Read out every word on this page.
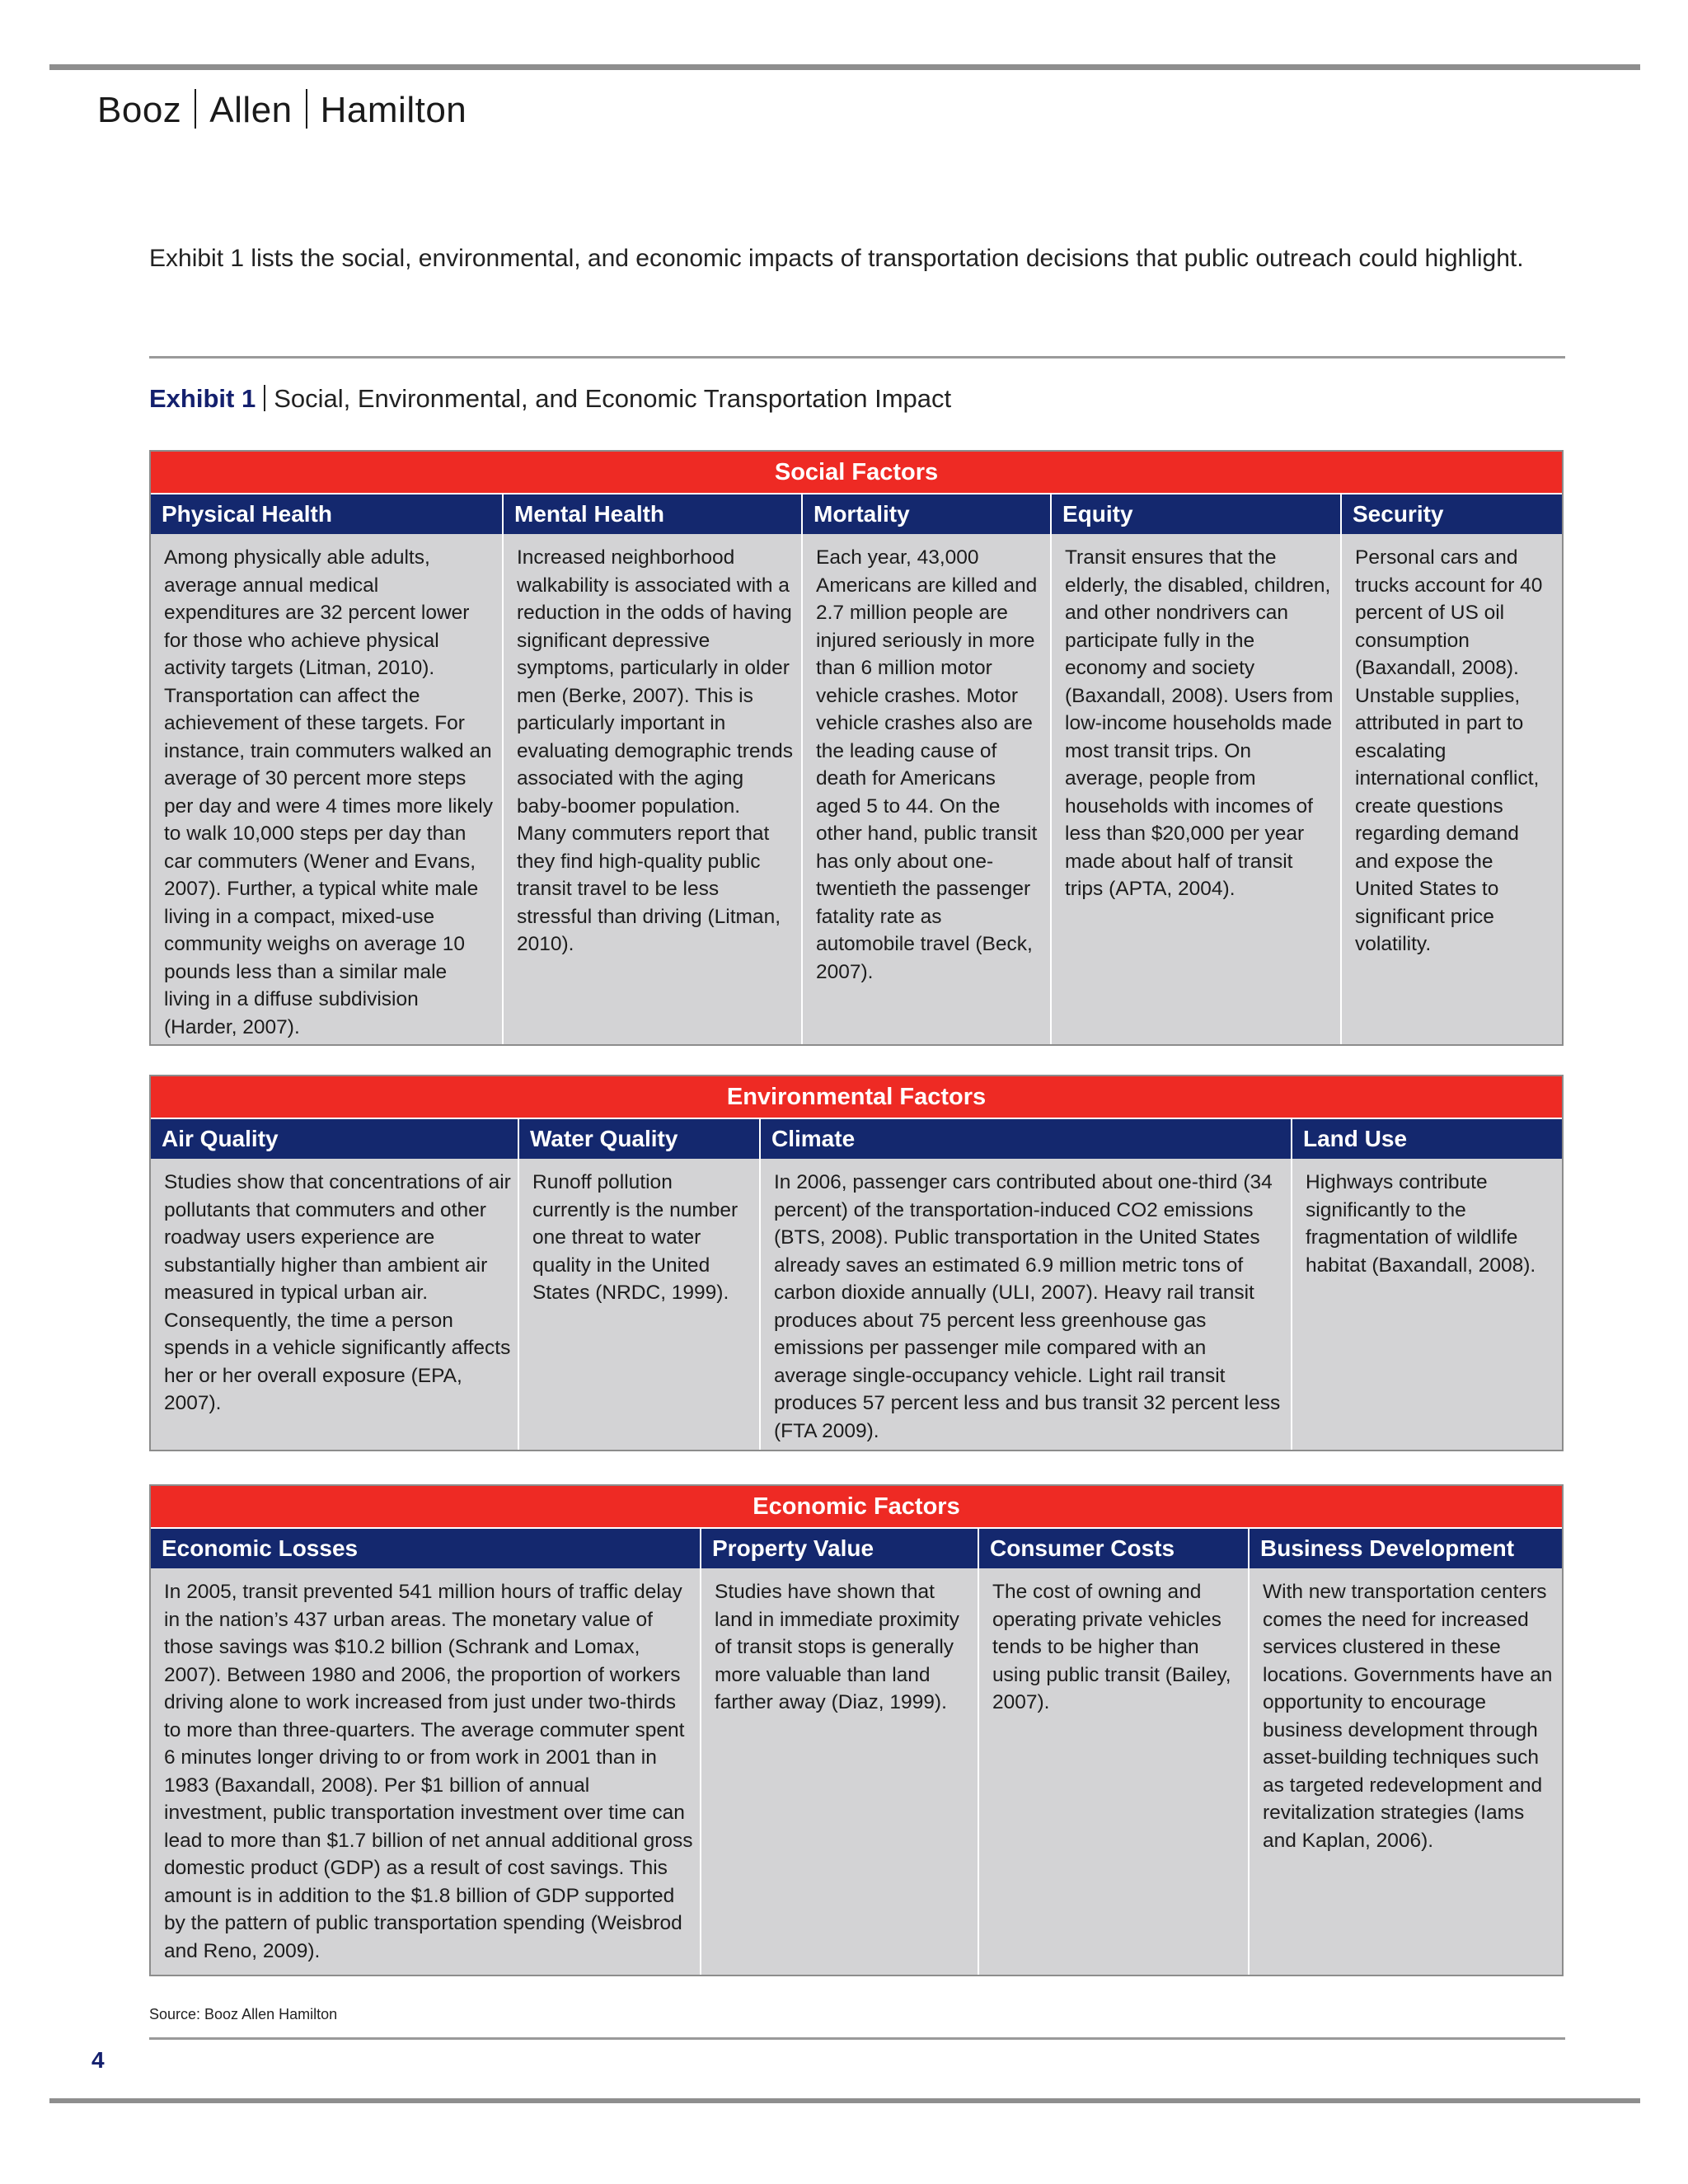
Booz Allen Hamilton
Exhibit 1 lists the social, environmental, and economic impacts of transportation decisions that public outreach could highlight.
Exhibit 1 Social, Environmental, and Economic Transportation Impact
Social Factors
Physical Health
Among physically able adults, average annual medical expenditures are 32 percent lower for those who achieve physical activity targets (Litman, 2010). Transportation can affect the achievement of these targets. For instance, train commuters walked an average of 30 percent more steps per day and were 4 times more likely to walk 10,000 steps per day than car commuters (Wener and Evans, 2007). Further, a typical white male living in a compact, mixed-use community weighs on average 10 pounds less than a similar male living in a diffuse subdivision (Harder, 2007).
Mental Health
Increased neighborhood walkability is associated with a reduction in the odds of having significant depressive symptoms, particularly in older men (Berke, 2007). This is particularly important in evaluating demographic trends associated with the aging baby-boomer population. Many commuters report that they find high-quality public transit travel to be less stressful than driving (Litman, 2010).
Mortality
Each year, 43,000 Americans are killed and 2.7 million people are injured seriously in more than 6 million motor vehicle crashes. Motor vehicle crashes also are the leading cause of death for Americans aged 5 to 44. On the other hand, public transit has only about one-twentieth the passenger fatality rate as automobile travel (Beck, 2007).
Equity
Transit ensures that the elderly, the disabled, children, and other nondrivers can participate fully in the economy and society (Baxandall, 2008). Users from low-income households made most transit trips. On average, people from households with incomes of less than $20,000 per year made about half of transit trips (APTA, 2004).
Security
Personal cars and trucks account for 40 percent of US oil consumption (Baxandall, 2008). Unstable supplies, attributed in part to escalating international conflict, create questions regarding demand and expose the United States to significant price volatility.
Environmental Factors
Air Quality
Studies show that concentrations of air pollutants that commuters and other roadway users experience are substantially higher than ambient air measured in typical urban air. Consequently, the time a person spends in a vehicle significantly affects her or her overall exposure (EPA, 2007).
Water Quality
Runoff pollution currently is the number one threat to water quality in the United States (NRDC, 1999).
Climate
In 2006, passenger cars contributed about one-third (34 percent) of the transportation-induced CO2 emissions (BTS, 2008). Public transportation in the United States already saves an estimated 6.9 million metric tons of carbon dioxide annually (ULI, 2007). Heavy rail transit produces about 75 percent less greenhouse gas emissions per passenger mile compared with an average single-occupancy vehicle. Light rail transit produces 57 percent less and bus transit 32 percent less (FTA 2009).
Land Use
Highways contribute significantly to the fragmentation of wildlife habitat (Baxandall, 2008).
Economic Factors
Economic Losses
In 2005, transit prevented 541 million hours of traffic delay in the nation’s 437 urban areas. The monetary value of those savings was $10.2 billion (Schrank and Lomax, 2007). Between 1980 and 2006, the proportion of workers driving alone to work increased from just under two-thirds to more than three-quarters. The average commuter spent 6 minutes longer driving to or from work in 2001 than in 1983 (Baxandall, 2008). Per $1 billion of annual investment, public transportation investment over time can lead to more than $1.7 billion of net annual additional gross domestic product (GDP) as a result of cost savings. This amount is in addition to the $1.8 billion of GDP supported by the pattern of public transportation spending (Weisbrod and Reno, 2009).
Property Value
Studies have shown that land in immediate proximity of transit stops is generally more valuable than land farther away (Diaz, 1999).
Consumer Costs
The cost of owning and operating private vehicles tends to be higher than using public transit (Bailey, 2007).
Business Development
With new transportation centers comes the need for increased services clustered in these locations. Governments have an opportunity to encourage business development through asset-building techniques such as targeted redevelopment and revitalization strategies (Iams and Kaplan, 2006).
Source: Booz Allen Hamilton
4
